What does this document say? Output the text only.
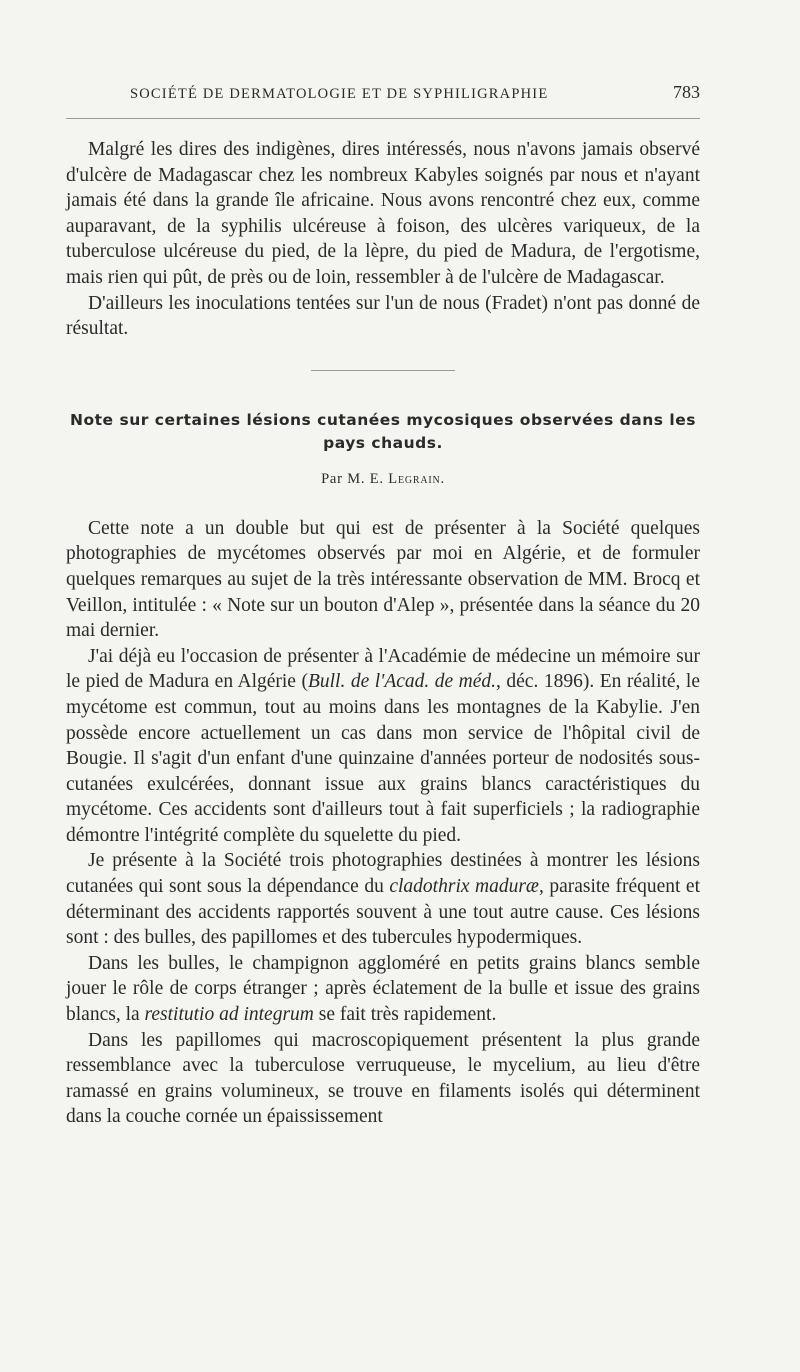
SOCIÉTÉ DE DERMATOLOGIE ET DE SYPHILIGRAPHIE	783

Malgré les dires des indigènes, dires intéressés, nous n'avons jamais observé d'ulcère de Madagascar chez les nombreux Kabyles soignés par nous et n'ayant jamais été dans la grande île africaine. Nous avons rencontré chez eux, comme auparavant, de la syphilis ulcéreuse à foison, des ulcères variqueux, de la tuberculose ulcéreuse du pied, de la lèpre, du pied de Madura, de l'ergotisme, mais rien qui pût, de près ou de loin, ressembler à de l'ulcère de Madagascar.

D'ailleurs les inoculations tentées sur l'un de nous (Fradet) n'ont pas donné de résultat.

Note sur certaines lésions cutanées mycosiques observées dans les pays chauds.
Par M. E. Legrain.

Cette note a un double but qui est de présenter à la Société quelques photographies de mycétomes observés par moi en Algérie, et de formuler quelques remarques au sujet de la très intéressante observation de MM. Brocq et Veillon, intitulée : « Note sur un bouton d'Alep », présentée dans la séance du 20 mai dernier.

J'ai déjà eu l'occasion de présenter à l'Académie de médecine un mémoire sur le pied de Madura en Algérie (Bull. de l'Acad. de méd., déc. 1896). En réalité, le mycétome est commun, tout au moins dans les montagnes de la Kabylie. J'en possède encore actuellement un cas dans mon service de l'hôpital civil de Bougie. Il s'agit d'un enfant d'une quinzaine d'années porteur de nodosités sous-cutanées exulcérées, donnant issue aux grains blancs caractéristiques du mycétome. Ces accidents sont d'ailleurs tout à fait superficiels ; la radiographie démontre l'intégrité complète du squelette du pied.

Je présente à la Société trois photographies destinées à montrer les lésions cutanées qui sont sous la dépendance du cladothrix maduræ, parasite fréquent et déterminant des accidents rapportés souvent à une tout autre cause. Ces lésions sont : des bulles, des papillomes et des tubercules hypodermiques.

Dans les bulles, le champignon aggloméré en petits grains blancs semble jouer le rôle de corps étranger ; après éclatement de la bulle et issue des grains blancs, la restitutio ad integrum se fait très rapidement.

Dans les papillomes qui macroscopiquement présentent la plus grande ressemblance avec la tuberculose verruqueuse, le mycelium, au lieu d'être ramassé en grains volumineux, se trouve en filaments isolés qui déterminent dans la couche cornée un épaississement
